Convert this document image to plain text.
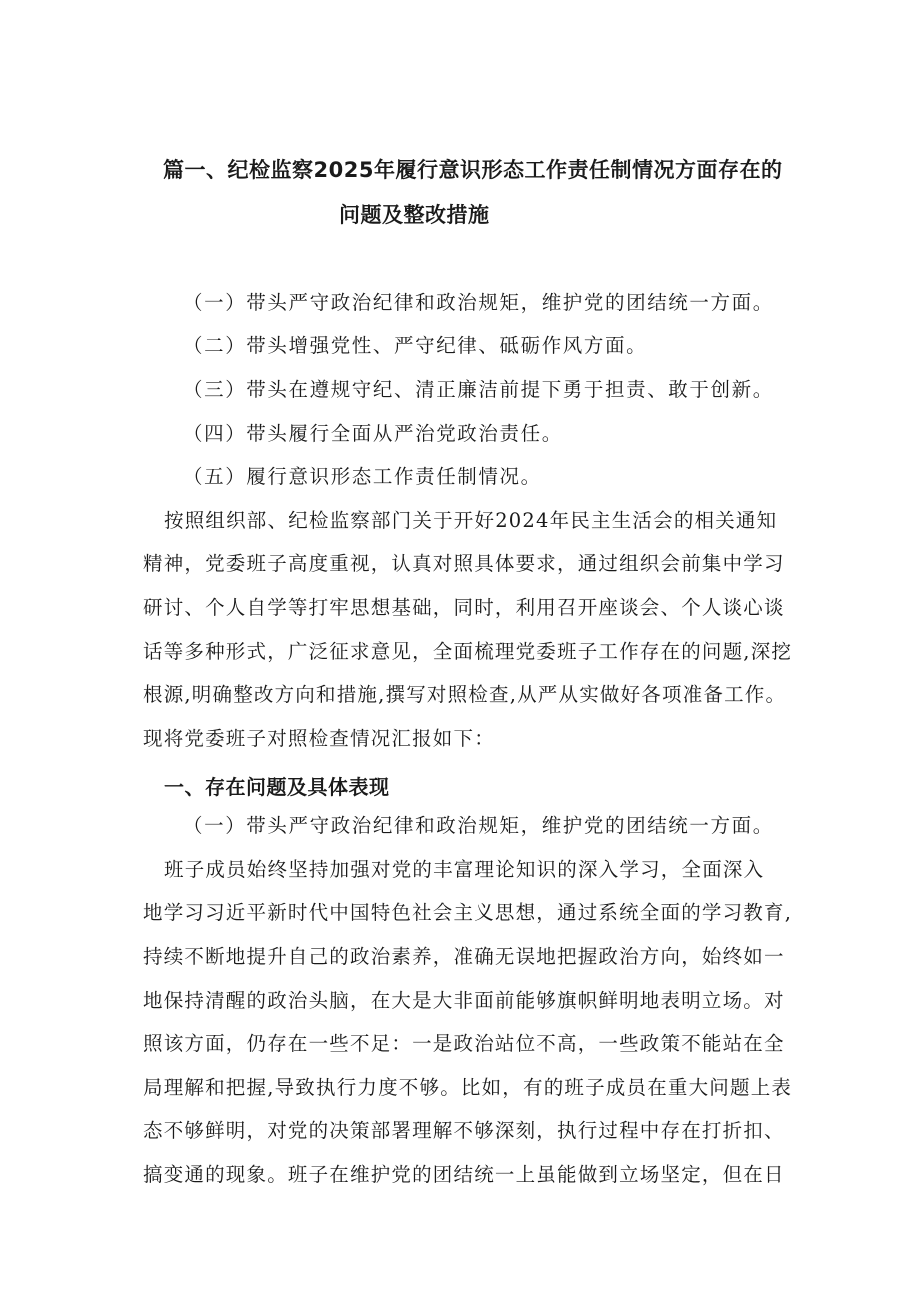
篇一、纪检监察2025年履行意识形态工作责任制情况方面存在的
问题及整改措施
（一）带头严守政治纪律和政治规矩，维护党的团结统一方面。
（二）带头增强党性、严守纪律、砥砺作风方面。
（三）带头在遵规守纪、清正廉洁前提下勇于担责、敢于创新。
（四）带头履行全面从严治党政治责任。
（五）履行意识形态工作责任制情况。
按照组织部、纪检监察部门关于开好2024年民主生活会的相关通知
精神，党委班子高度重视，认真对照具体要求，通过组织会前集中学习
研讨、个人自学等打牢思想基础，同时，利用召开座谈会、个人谈心谈
话等多种形式，广泛征求意见，全面梳理党委班子工作存在的问题,深挖
根源,明确整改方向和措施,撰写对照检查,从严从实做好各项准备工作。
现将党委班子对照检查情况汇报如下：
一、存在问题及具体表现
（一）带头严守政治纪律和政治规矩，维护党的团结统一方面。
班子成员始终坚持加强对党的丰富理论知识的深入学习，全面深入
地学习习近平新时代中国特色社会主义思想，通过系统全面的学习教育,
持续不断地提升自己的政治素养，准确无误地把握政治方向，始终如一
地保持清醒的政治头脑，在大是大非面前能够旗帜鲜明地表明立场。对
照该方面，仍存在一些不足：一是政治站位不高，一些政策不能站在全
局理解和把握,导致执行力度不够。比如，有的班子成员在重大问题上表
态不够鲜明，对党的决策部署理解不够深刻，执行过程中存在打折扣、
搞变通的现象。班子在维护党的团结统一上虽能做到立场坚定，但在日
